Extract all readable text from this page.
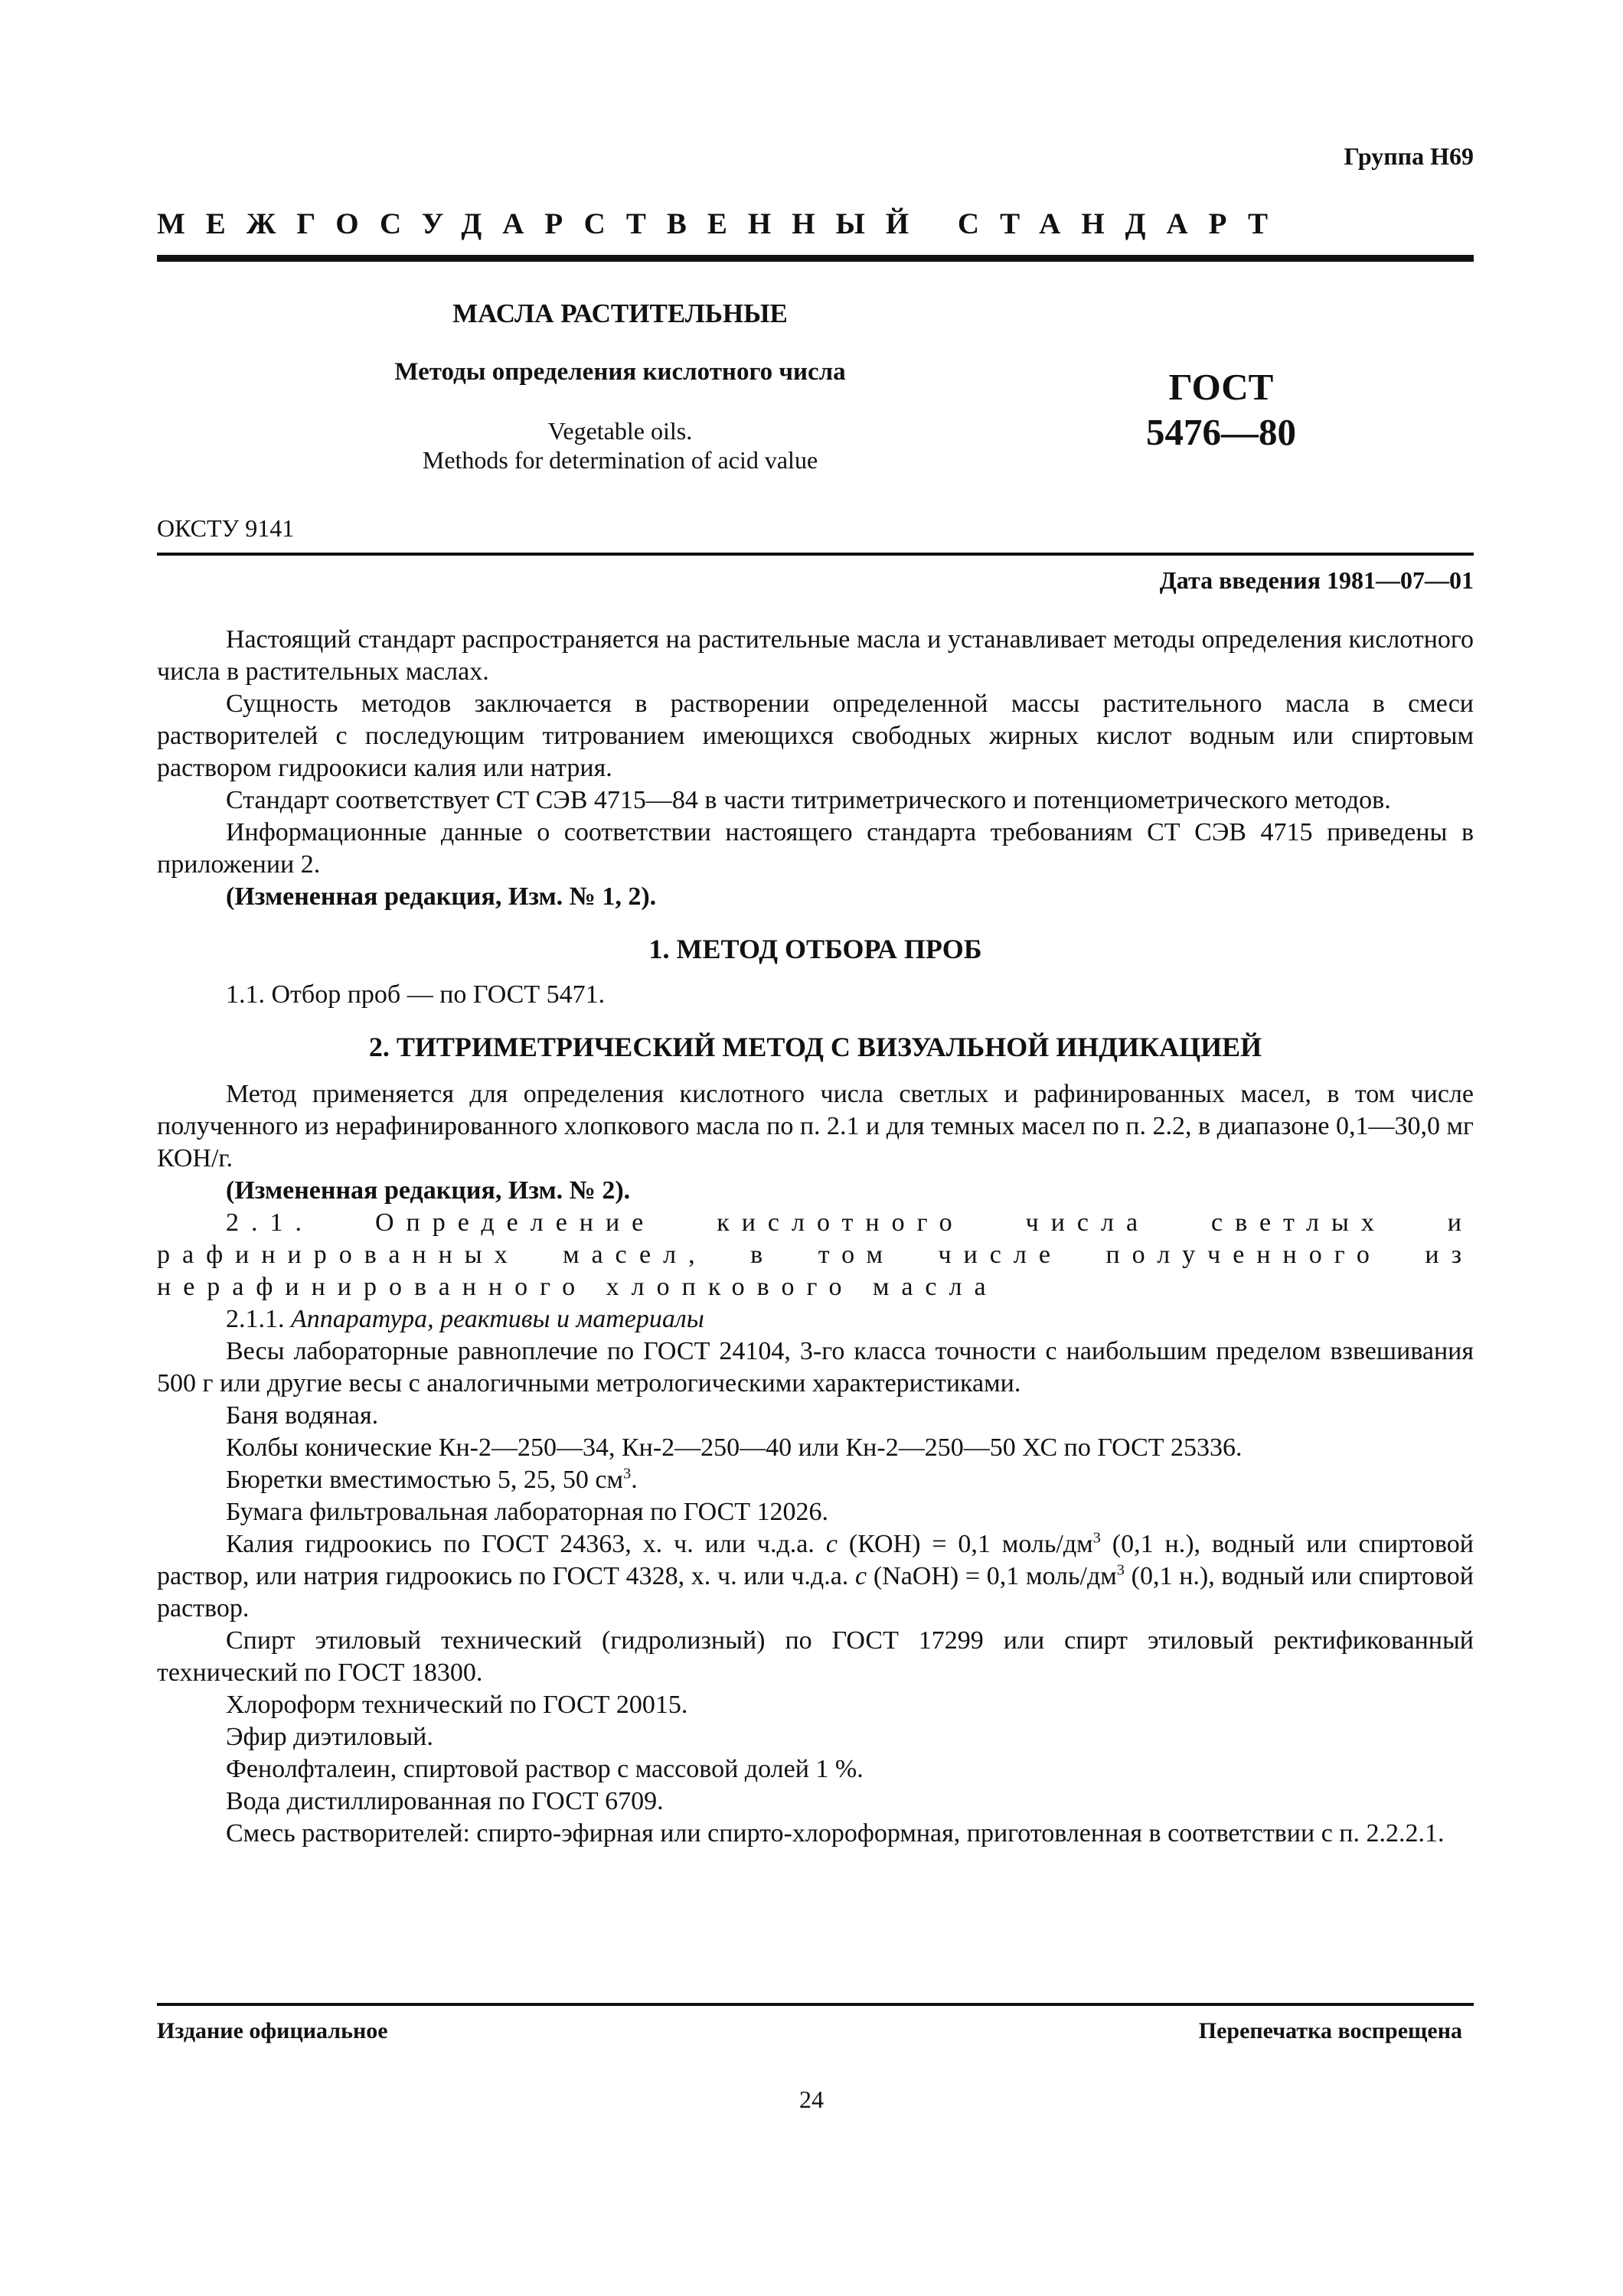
Группа Н69
МЕЖГОСУДАРСТВЕННЫЙ СТАНДАРТ
МАСЛА РАСТИТЕЛЬНЫЕ
Методы определения кислотного числа
Vegetable oils.
Methods for determination of acid value
ГОСТ
5476—80
ОКСТУ 9141
Дата введения 1981—07—01

Настоящий стандарт распространяется на растительные масла и устанавливает методы определения кислотного числа в растительных маслах.

Сущность методов заключается в растворении определенной массы растительного масла в смеси растворителей с последующим титрованием имеющихся свободных жирных кислот водным или спиртовым раствором гидроокиси калия или натрия.

Стандарт соответствует СТ СЭВ 4715—84 в части титриметрического и потенциометрического методов.

Информационные данные о соответствии настоящего стандарта требованиям СТ СЭВ 4715 приведены в приложении 2.

(Измененная редакция, Изм. № 1, 2).

1. МЕТОД ОТБОРА ПРОБ

1.1. Отбор проб — по ГОСТ 5471.

2. ТИТРИМЕТРИЧЕСКИЙ МЕТОД С ВИЗУАЛЬНОЙ ИНДИКАЦИЕЙ

Метод применяется для определения кислотного числа светлых и рафинированных масел, в том числе полученного из нерафинированного хлопкового масла по п. 2.1 и для темных масел по п. 2.2, в диапазоне 0,1—30,0 мг КОН/г.

(Измененная редакция, Изм. № 2).

2.1. Определение кислотного числа светлых и рафинированных масел, в том числе полученного из нерафинированного хлопкового масла

2.1.1. Аппаратура, реактивы и материалы

Весы лабораторные равноплечие по ГОСТ 24104, 3-го класса точности с наибольшим пределом взвешивания 500 г или другие весы с аналогичными метрологическими характеристиками.

Баня водяная.

Колбы конические Кн-2—250—34, Кн-2—250—40 или Кн-2—250—50 ХС по ГОСТ 25336.

Бюретки вместимостью 5, 25, 50 $см^3$.

Бумага фильтровальная лабораторная по ГОСТ 12026.

Калия гидроокись по ГОСТ 24363, х. ч. или ч.д.а. c (КОН) = 0,1 моль/$дм^3$ (0,1 н.), водный или спиртовой раствор, или натрия гидроокись по ГОСТ 4328, х. ч. или ч.д.а. c (NaOH) = 0,1 моль/$дм^3$ (0,1 н.), водный или спиртовой раствор.

Спирт этиловый технический (гидролизный) по ГОСТ 17299 или спирт этиловый ректификованный технический по ГОСТ 18300.

Хлороформ технический по ГОСТ 20015.

Эфир диэтиловый.

Фенолфталеин, спиртовой раствор с массовой долей 1 %.

Вода дистиллированная по ГОСТ 6709.

Смесь растворителей: спирто-эфирная или спирто-хлороформная, приготовленная в соответствии с п. 2.2.2.1.

Издание официальное	Перепечатка воспрещена
24
